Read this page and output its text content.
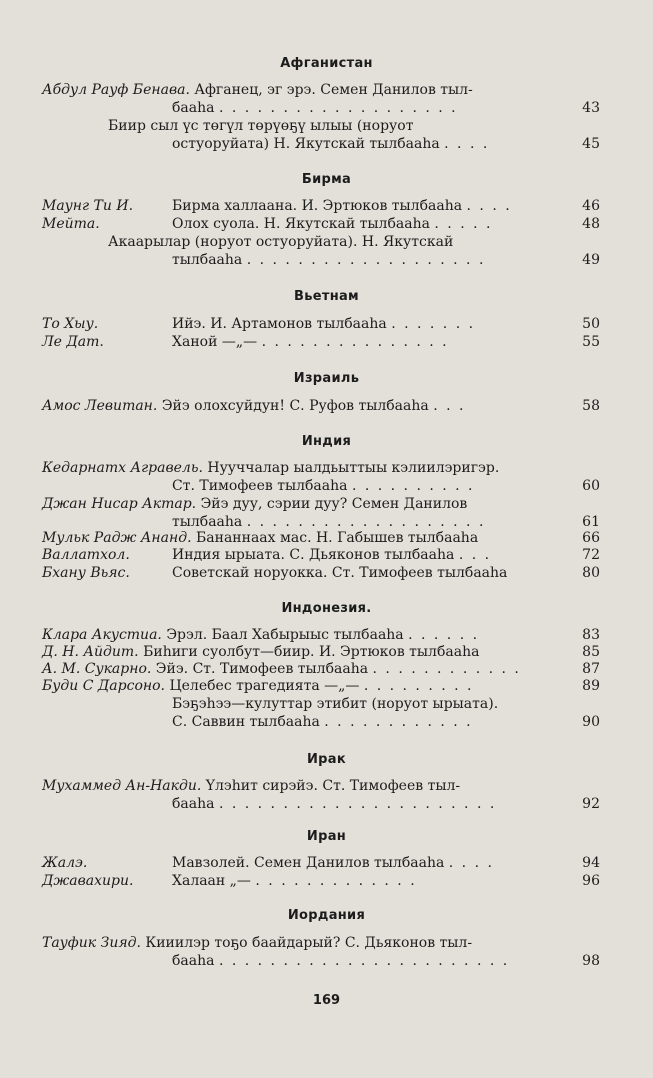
Афганистан
Абдул Рауф Бенава. Афганец, эг эрэ. Семен Данилов тыл-
бааһa . . . . . . . . . . . . . . . . . . .	43
Биир сыл үс төгүл төрүөҕү ылыы (норуот
остуоруйата) Н. Якутскай тылбааһa . . . .	45
Бирма
Маунг Ти И.	Бирма халлаана. И. Эртюков тылбааһa . . . .	46
Мейта.	Олох суола. Н. Якутскай тылбааһa . . . . .	48
Акаарылар (норуот остуоруйата). Н. Якутскай
тылбааһa . . . . . . . . . . . . . . . . . . .	49
Вьетнам
То Хыу.	Ийэ. И. Артамонов тылбааһa . . . . . . .	50
Ле Дат.	Ханой —„— . . . . . . . . . . . . . . .	55
Израиль
Амос Левитан. Эйэ олохсуйдун! С. Руфов тылбааһa . . .	58
Индия
Кедарнатх Агравель. Нууччалар ыалдьыттыы кэлиилэригэр.
Ст. Тимофеев тылбааһa . . . . . . . . . .	60
Джан Нисар Актар. Эйэ дуу, сэрии дуу? Семен Данилов
тылбааһa . . . . . . . . . . . . . . . . . . .	61
Мульк Радж Ананд. Бананнаах мас. Н. Габышев тылбааһa	66
Валлатхол.	Индия ырыата. С. Дьяконов тылбааһa . . .	72
Бхану Вьяс.	Советскай норуокка. Ст. Тимофеев тылбааһa	80
Индонезия.
Клара Акустиа. Эрэл. Баал Хабырыыс тылбааһa . . . . . .	83
Д. Н. Айдит. Биһиги суолбут—биир. И. Эртюков тылбааһa	85
А. М. Сукарно. Эйэ. Ст. Тимофеев тылбааһa . . . . . . . . . . . .	87
Буди С Дарсоно. Целебес трагедията —„— . . . . . . . . .	89
Бэҕэһээ—кулуттар этибит (норуот ырыата).
С. Саввин тылбааһa . . . . . . . . . . . .	90
Ирак
Мухаммед Ан-Накди. Үлэһит сирэйэ. Ст. Тимофеев тыл-
бааһa . . . . . . . . . . . . . . . . . . . . . .	92
Иран
Жалэ.	Мавзолей. Семен Данилов тылбааһa . . . .	94
Джавахири.	Халаан „— . . . . . . . . . . . . .	96
Иордания
Тауфик Зияд. Кииилэр тоҕо баайдарый? С. Дьяконов тыл-
бааһa . . . . . . . . . . . . . . . . . . . . . . .	98
169
